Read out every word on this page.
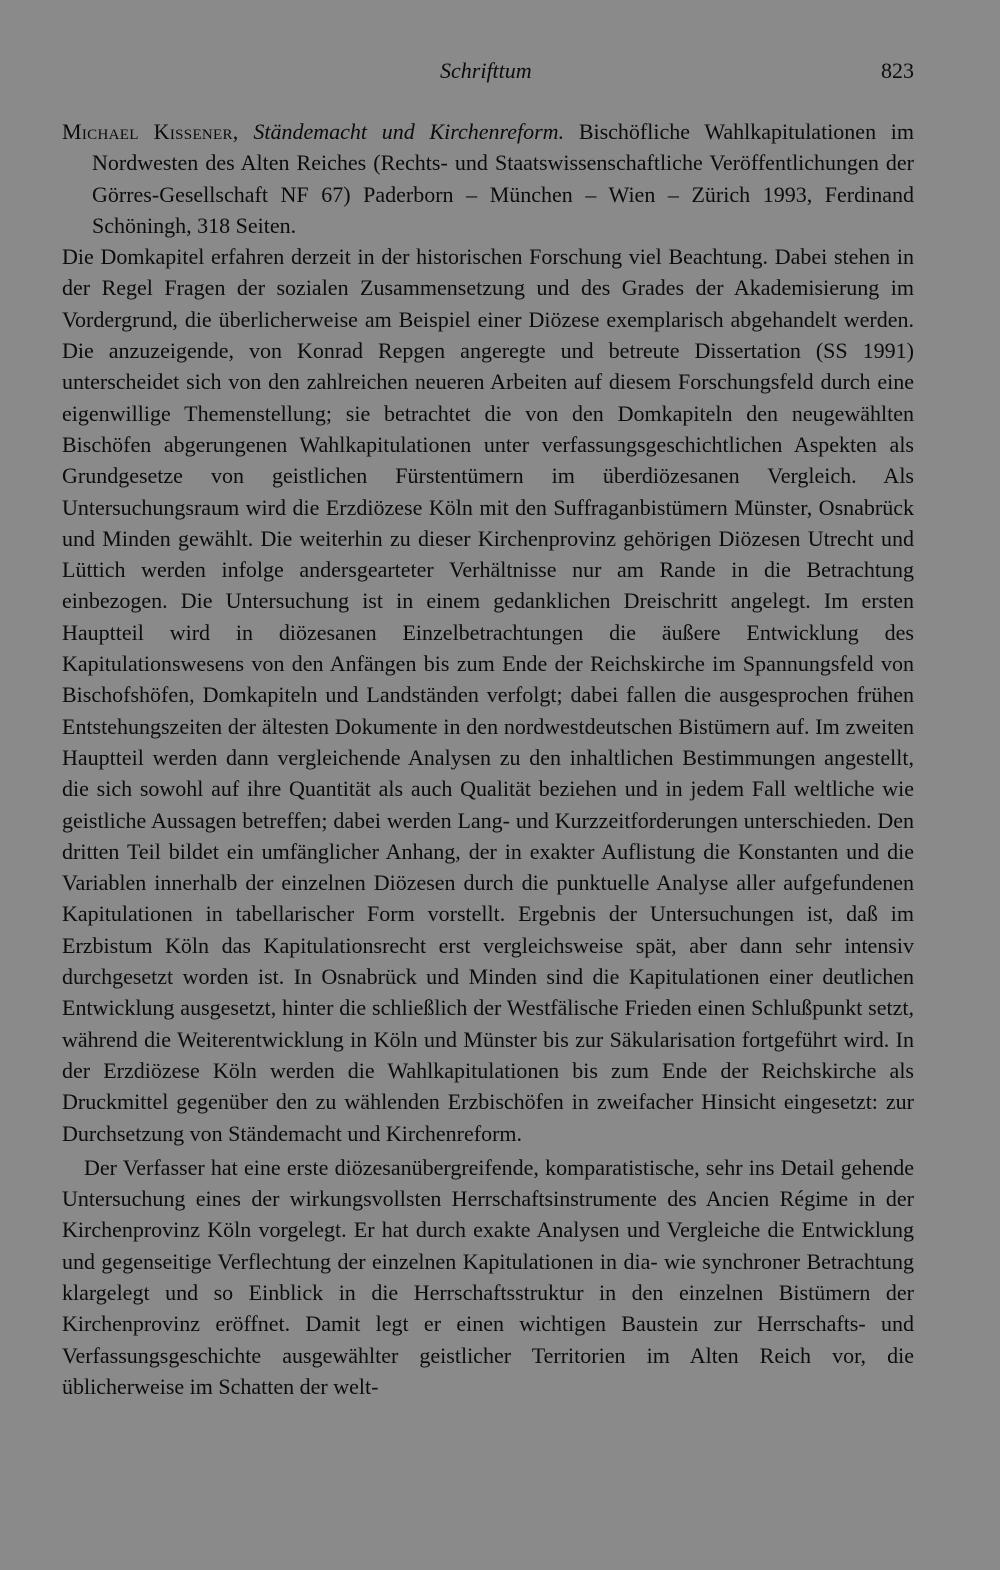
Schrifttum	823

Michael Kissener, Ständemacht und Kirchenreform. Bischöfliche Wahlkapitulationen im Nordwesten des Alten Reiches (Rechts- und Staatswissenschaftliche Veröffentlichungen der Görres-Gesellschaft NF 67) Paderborn – München – Wien – Zürich 1993, Ferdinand Schöningh, 318 Seiten.

Die Domkapitel erfahren derzeit in der historischen Forschung viel Beachtung. Dabei stehen in der Regel Fragen der sozialen Zusammensetzung und des Grades der Akademisierung im Vordergrund, die überlicherweise am Beispiel einer Diözese exemplarisch abgehandelt werden. Die anzuzeigende, von Konrad Repgen angeregte und betreute Dissertation (SS 1991) unterscheidet sich von den zahlreichen neueren Arbeiten auf diesem Forschungsfeld durch eine eigenwillige Themenstellung; sie betrachtet die von den Domkapiteln den neugewählten Bischöfen abgerungenen Wahlkapitulationen unter verfassungsgeschichtlichen Aspekten als Grundgesetze von geistlichen Fürstentümern im überdiözesanen Vergleich. Als Untersuchungsraum wird die Erzdiözese Köln mit den Suffraganbistümern Münster, Osnabrück und Minden gewählt. Die weiterhin zu dieser Kirchenprovinz gehörigen Diözesen Utrecht und Lüttich werden infolge andersgearteter Verhältnisse nur am Rande in die Betrachtung einbezogen. Die Untersuchung ist in einem gedanklichen Dreischritt angelegt. Im ersten Hauptteil wird in diözesanen Einzelbetrachtungen die äußere Entwicklung des Kapitulationswesens von den Anfängen bis zum Ende der Reichskirche im Spannungsfeld von Bischofshöfen, Domkapiteln und Landständen verfolgt; dabei fallen die ausgesprochen frühen Entstehungszeiten der ältesten Dokumente in den nordwestdeutschen Bistümern auf. Im zweiten Hauptteil werden dann vergleichende Analysen zu den inhaltlichen Bestimmungen angestellt, die sich sowohl auf ihre Quantität als auch Qualität beziehen und in jedem Fall weltliche wie geistliche Aussagen betreffen; dabei werden Lang- und Kurzzeitforderungen unterschieden. Den dritten Teil bildet ein umfänglicher Anhang, der in exakter Auflistung die Konstanten und die Variablen innerhalb der einzelnen Diözesen durch die punktuelle Analyse aller aufgefundenen Kapitulationen in tabellarischer Form vorstellt. Ergebnis der Untersuchungen ist, daß im Erzbistum Köln das Kapitulationsrecht erst vergleichsweise spät, aber dann sehr intensiv durchgesetzt worden ist. In Osnabrück und Minden sind die Kapitulationen einer deutlichen Entwicklung ausgesetzt, hinter die schließlich der Westfälische Frieden einen Schlußpunkt setzt, während die Weiterentwicklung in Köln und Münster bis zur Säkularisation fortgeführt wird. In der Erzdiözese Köln werden die Wahlkapitulationen bis zum Ende der Reichskirche als Druckmittel gegenüber den zu wählenden Erzbischöfen in zweifacher Hinsicht eingesetzt: zur Durchsetzung von Ständemacht und Kirchenreform.

Der Verfasser hat eine erste diözesanübergreifende, komparatistische, sehr ins Detail gehende Untersuchung eines der wirkungsvollsten Herrschaftsinstrumente des Ancien Régime in der Kirchenprovinz Köln vorgelegt. Er hat durch exakte Analysen und Vergleiche die Entwicklung und gegenseitige Verflechtung der einzelnen Kapitulationen in dia- wie synchroner Betrachtung klargelegt und so Einblick in die Herrschaftsstruktur in den einzelnen Bistümern der Kirchenprovinz eröffnet. Damit legt er einen wichtigen Baustein zur Herrschafts- und Verfassungsgeschichte ausgewählter geistlicher Territorien im Alten Reich vor, die üblicherweise im Schatten der welt-
